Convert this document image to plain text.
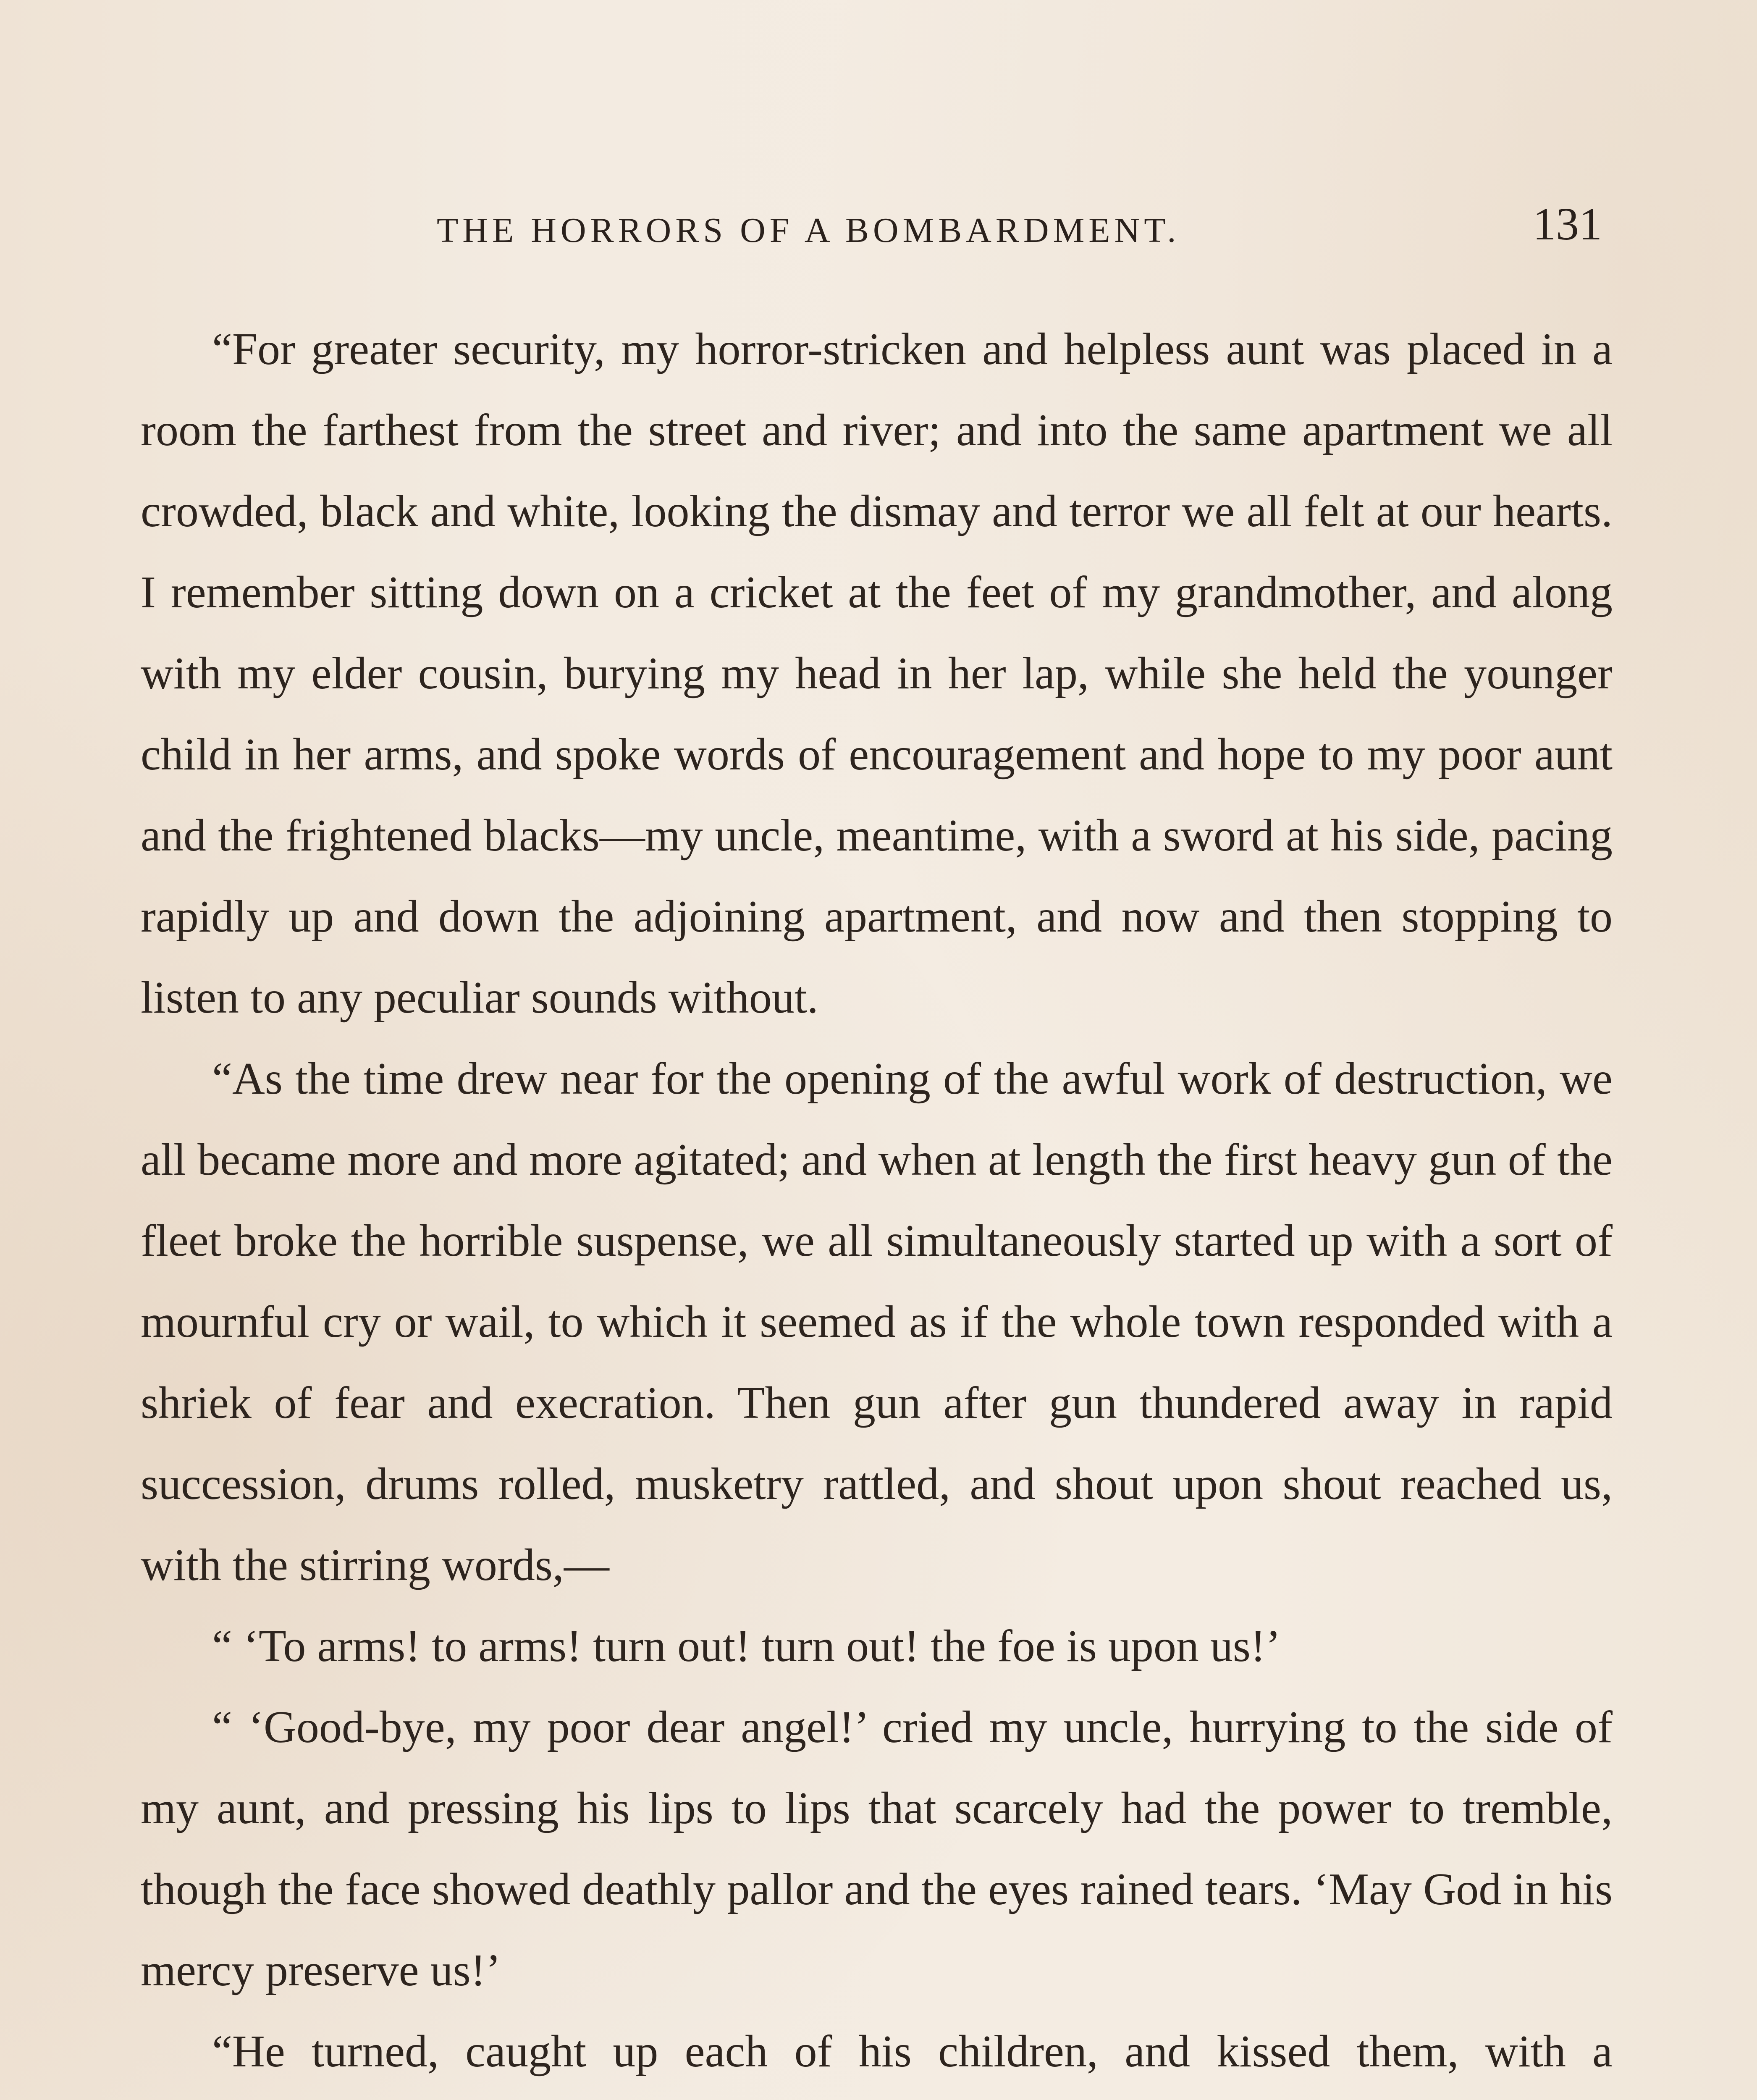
THE HORRORS OF A BOMBARDMENT.	131

“For greater security, my horror-stricken and helpless aunt was placed in a room the farthest from the street and river; and into the same apartment we all crowded, black and white, looking the dismay and terror we all felt at our hearts. I remember sitting down on a cricket at the feet of my grandmother, and along with my elder cousin, burying my head in her lap, while she held the younger child in her arms, and spoke words of encouragement and hope to my poor aunt and the frightened blacks—my uncle, meantime, with a sword at his side, pacing rapidly up and down the adjoining apartment, and now and then stopping to listen to any peculiar sounds without.

“As the time drew near for the opening of the awful work of destruction, we all became more and more agitated; and when at length the first heavy gun of the fleet broke the horrible suspense, we all simultaneously started up with a sort of mournful cry or wail, to which it seemed as if the whole town responded with a shriek of fear and execration. Then gun after gun thundered away in rapid succession, drums rolled, musketry rattled, and shout upon shout reached us, with the stirring words,—

“ ‘To arms! to arms! turn out! turn out! the foe is upon us!’

“ ‘Good-bye, my poor dear angel!’ cried my uncle, hurrying to the side of my aunt, and pressing his lips to lips that scarcely had the power to tremble, though the face showed deathly pallor and the eyes rained tears. ‘May God in his mercy preserve us!’

“He turned, caught up each of his children, and kissed them, with a
